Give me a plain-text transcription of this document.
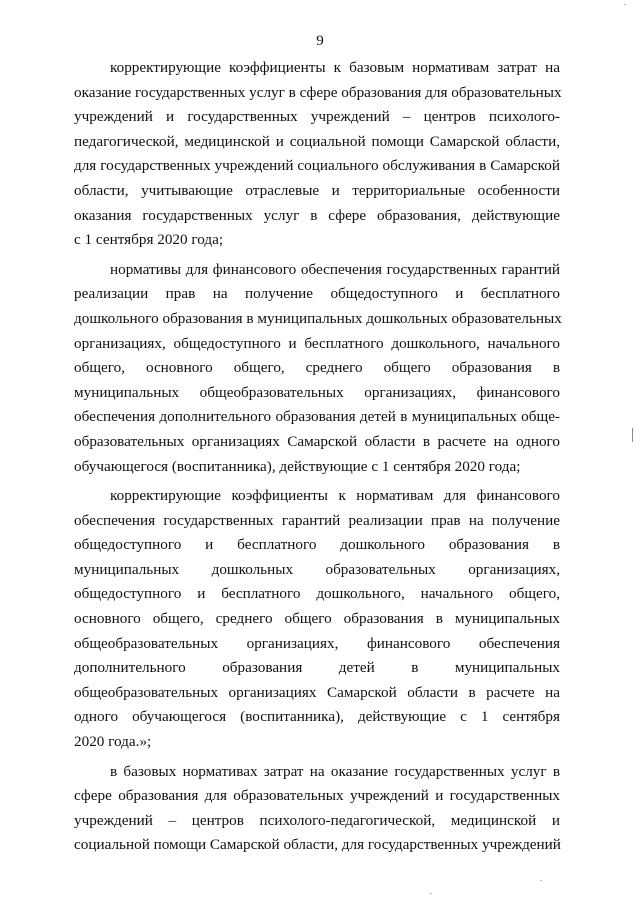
9

корректирующие коэффициенты к базовым нормативам затрат на
оказание государственных услуг в сфере образования для образовательных
учреждений и государственных учреждений – центров психолого-
педагогической, медицинской и социальной помощи Самарской области,
для государственных учреждений социального обслуживания в Самарской
области, учитывающие отраслевые и территориальные особенности
оказания государственных услуг в сфере образования, действующие
с 1 сентября 2020 года;

нормативы для финансового обеспечения государственных гарантий
реализации прав на получение общедоступного и бесплатного
дошкольного образования в муниципальных дошкольных образовательных
организациях, общедоступного и бесплатного дошкольного, начального
общего, основного общего, среднего общего образования в
муниципальных общеобразовательных организациях, финансового
обеспечения дополнительного образования детей в муниципальных обще-
образовательных организациях Самарской области в расчете на одного
обучающегося (воспитанника), действующие с 1 сентября 2020 года;

корректирующие коэффициенты к нормативам для финансового
обеспечения государственных гарантий реализации прав на получение
общедоступного и бесплатного дошкольного образования в
муниципальных дошкольных образовательных организациях,
общедоступного и бесплатного дошкольного, начального общего,
основного общего, среднего общего образования в муниципальных
общеобразовательных организациях, финансового обеспечения
дополнительного образования детей в муниципальных
общеобразовательных организациях Самарской области в расчете на
одного обучающегося (воспитанника), действующие с 1 сентября
2020 года.»;

в базовых нормативах затрат на оказание государственных услуг в
сфере образования для образовательных учреждений и государственных
учреждений – центров психолого-педагогической, медицинской и
социальной помощи Самарской области, для государственных учреждений
